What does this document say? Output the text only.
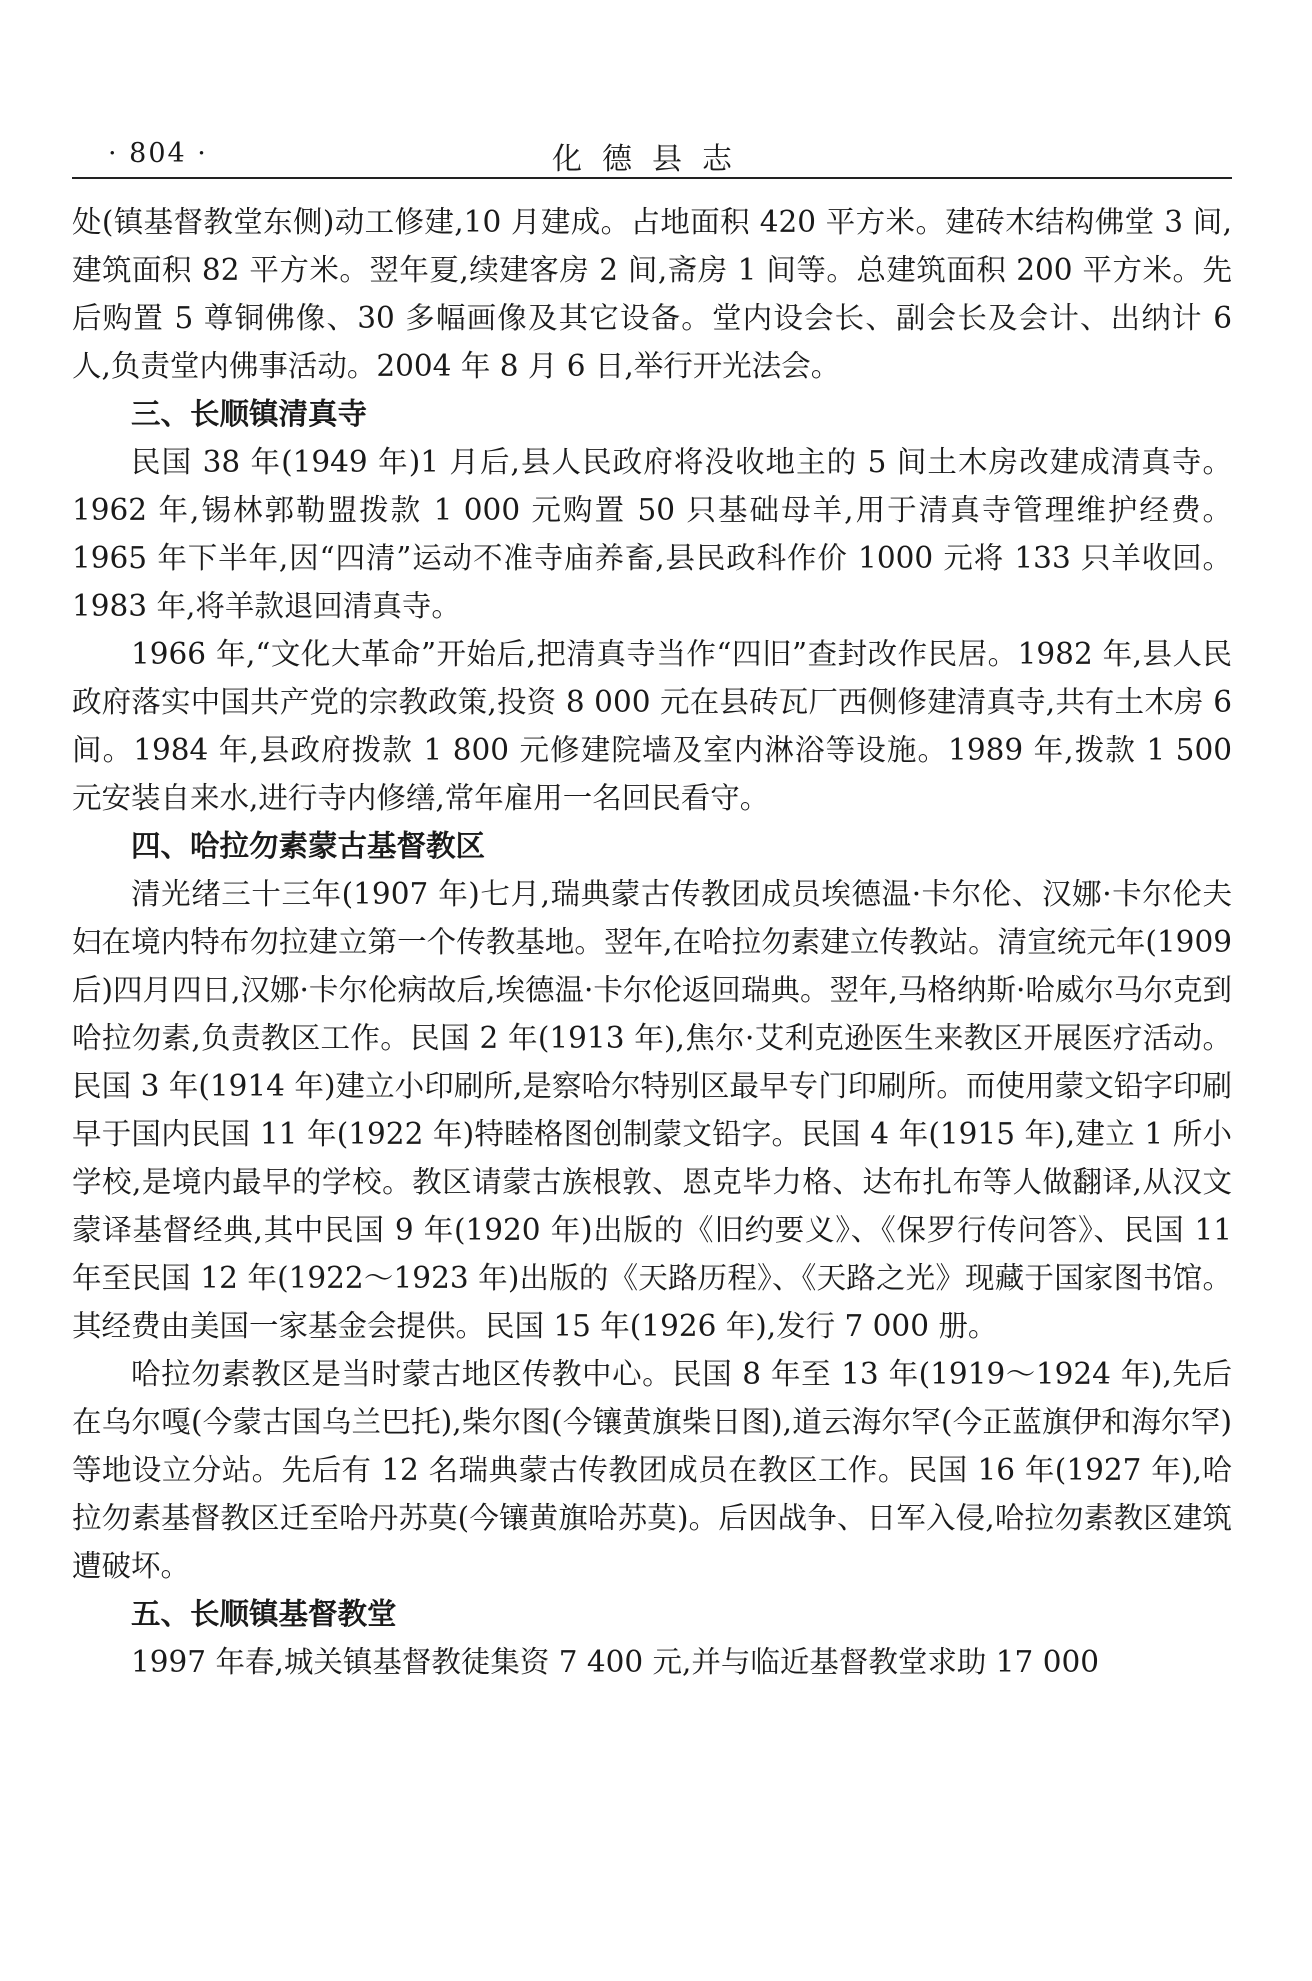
· 804 ·	化德县志

处(镇基督教堂东侧)动工修建,10 月建成。占地面积 420 平方米。建砖木结构佛堂 3 间,建筑面积 82 平方米。翌年夏,续建客房 2 间,斋房 1 间等。总建筑面积 200 平方米。先后购置 5 尊铜佛像、30 多幅画像及其它设备。堂内设会长、副会长及会计、出纳计 6 人,负责堂内佛事活动。2004 年 8 月 6 日,举行开光法会。

三、长顺镇清真寺

民国 38 年(1949 年)1 月后,县人民政府将没收地主的 5 间土木房改建成清真寺。1962 年,锡林郭勒盟拨款 1 000 元购置 50 只基础母羊,用于清真寺管理维护经费。1965 年下半年,因“四清”运动不准寺庙养畜,县民政科作价 1000 元将 133 只羊收回。1983 年,将羊款退回清真寺。

1966 年,“文化大革命”开始后,把清真寺当作“四旧”查封改作民居。1982 年,县人民政府落实中国共产党的宗教政策,投资 8 000 元在县砖瓦厂西侧修建清真寺,共有土木房 6 间。1984 年,县政府拨款 1 800 元修建院墙及室内淋浴等设施。1989 年,拨款 1 500 元安装自来水,进行寺内修缮,常年雇用一名回民看守。

四、哈拉勿素蒙古基督教区

清光绪三十三年(1907 年)七月,瑞典蒙古传教团成员埃德温·卡尔伦、汉娜·卡尔伦夫妇在境内特布勿拉建立第一个传教基地。翌年,在哈拉勿素建立传教站。清宣统元年(1909 后)四月四日,汉娜·卡尔伦病故后,埃德温·卡尔伦返回瑞典。翌年,马格纳斯·哈威尔马尔克到哈拉勿素,负责教区工作。民国 2 年(1913 年),焦尔·艾利克逊医生来教区开展医疗活动。民国 3 年(1914 年)建立小印刷所,是察哈尔特别区最早专门印刷所。而使用蒙文铅字印刷早于国内民国 11 年(1922 年)特睦格图创制蒙文铅字。民国 4 年(1915 年),建立 1 所小学校,是境内最早的学校。教区请蒙古族根敦、恩克毕力格、达布扎布等人做翻译,从汉文蒙译基督经典,其中民国 9 年(1920 年)出版的《旧约要义》、《保罗行传问答》、民国 11 年至民国 12 年(1922～1923 年)出版的《天路历程》、《天路之光》现藏于国家图书馆。其经费由美国一家基金会提供。民国 15 年(1926 年),发行 7 000 册。

哈拉勿素教区是当时蒙古地区传教中心。民国 8 年至 13 年(1919～1924 年),先后在乌尔嘎(今蒙古国乌兰巴托),柴尔图(今镶黄旗柴日图),道云海尔罕(今正蓝旗伊和海尔罕)等地设立分站。先后有 12 名瑞典蒙古传教团成员在教区工作。民国 16 年(1927 年),哈拉勿素基督教区迁至哈丹苏莫(今镶黄旗哈苏莫)。后因战争、日军入侵,哈拉勿素教区建筑遭破坏。

五、长顺镇基督教堂

1997 年春,城关镇基督教徒集资 7 400 元,并与临近基督教堂求助 17 000
